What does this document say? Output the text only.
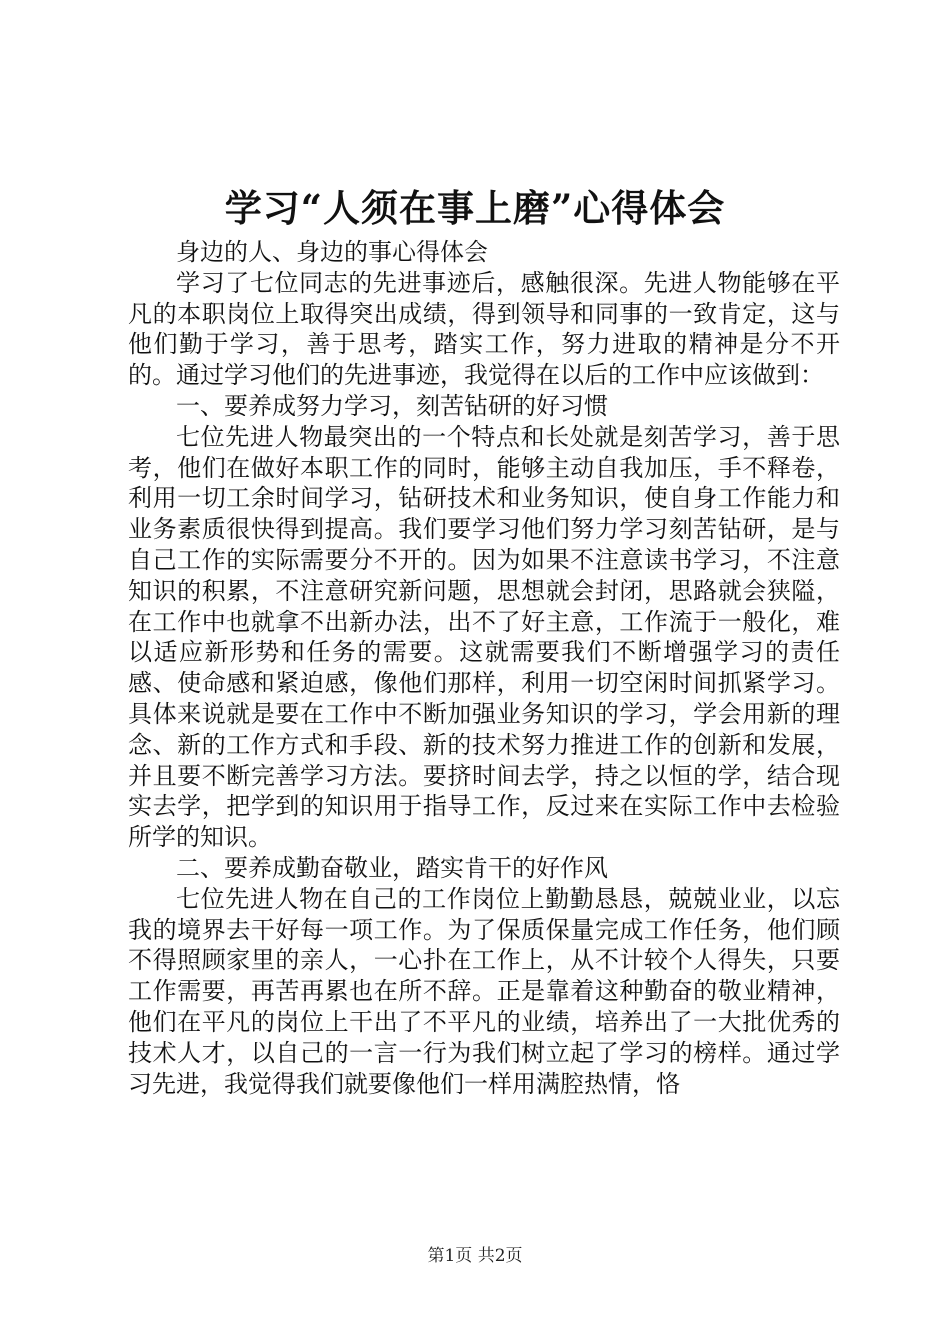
学习“人须在事上磨”心得体会

身边的人、身边的事心得体会

学习了七位同志的先进事迹后，感触很深。先进人物能够在平凡的本职岗位上取得突出成绩，得到领导和同事的一致肯定，这与他们勤于学习，善于思考，踏实工作，努力进取的精神是分不开的。通过学习他们的先进事迹，我觉得在以后的工作中应该做到：

一、要养成努力学习，刻苦钻研的好习惯

七位先进人物最突出的一个特点和长处就是刻苦学习，善于思考，他们在做好本职工作的同时，能够主动自我加压，手不释卷，利用一切工余时间学习，钻研技术和业务知识，使自身工作能力和业务素质很快得到提高。我们要学习他们努力学习刻苦钻研，是与自己工作的实际需要分不开的。因为如果不注意读书学习，不注意知识的积累，不注意研究新问题，思想就会封闭，思路就会狭隘，在工作中也就拿不出新办法，出不了好主意，工作流于一般化，难以适应新形势和任务的需要。这就需要我们不断增强学习的责任感、使命感和紧迫感，像他们那样，利用一切空闲时间抓紧学习。具体来说就是要在工作中不断加强业务知识的学习，学会用新的理念、新的工作方式和手段、新的技术努力推进工作的创新和发展，并且要不断完善学习方法。要挤时间去学，持之以恒的学，结合现实去学，把学到的知识用于指导工作，反过来在实际工作中去检验所学的知识。

二、要养成勤奋敬业，踏实肯干的好作风

七位先进人物在自己的工作岗位上勤勤恳恳，兢兢业业，以忘我的境界去干好每一项工作。为了保质保量完成工作任务，他们顾不得照顾家里的亲人，一心扑在工作上，从不计较个人得失，只要工作需要，再苦再累也在所不辞。正是靠着这种勤奋的敬业精神，他们在平凡的岗位上干出了不平凡的业绩，培养出了一大批优秀的技术人才，以自己的一言一行为我们树立起了学习的榜样。通过学习先进，我觉得我们就要像他们一样用满腔热情，恪

第1页 共2页
